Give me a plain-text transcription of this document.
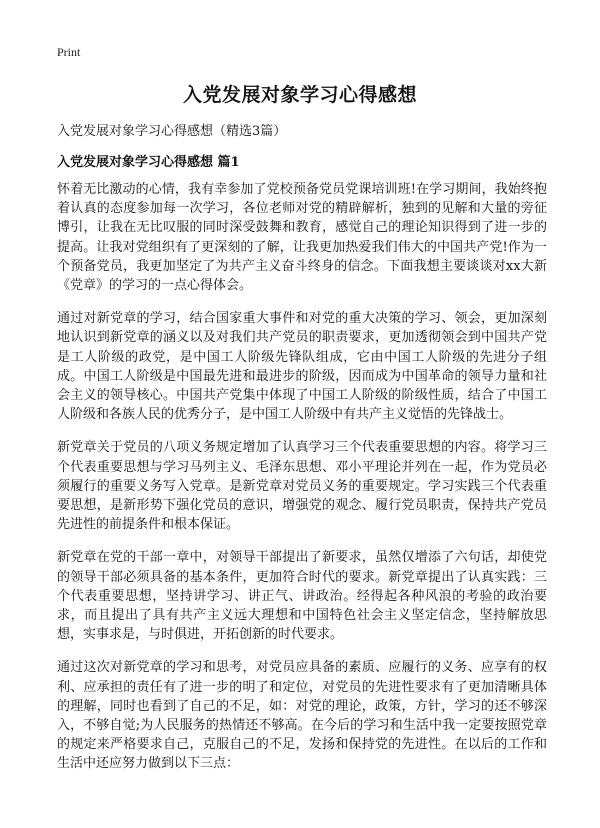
Print
入党发展对象学习心得感想
入党发展对象学习心得感想（精选3篇）
入党发展对象学习心得感想 篇1

怀着无比激动的心情，我有幸参加了党校预备党员党课培训班!在学习期间，我始终抱着认真的态度参加每一次学习，各位老师对党的精辟解析，独到的见解和大量的旁征博引，让我在无比叹服的同时深受鼓舞和教育，感觉自己的理论知识得到了进一步的提高。让我对党组织有了更深刻的了解，让我更加热爱我们伟大的中国共产党!作为一个预备党员，我更加坚定了为共产主义奋斗终身的信念。下面我想主要谈谈对xx大新《党章》的学习的一点心得体会。

通过对新党章的学习，结合国家重大事件和对党的重大决策的学习、领会，更加深刻地认识到新党章的涵义以及对我们共产党员的职责要求，更加透彻领会到中国共产党是工人阶级的政党，是中国工人阶级先锋队组成，它由中国工人阶级的先进分子组成。中国工人阶级是中国最先进和最进步的阶级，因而成为中国革命的领导力量和社会主义的领导核心。中国共产党集中体现了中国工人阶级的阶级性质，结合了中国工人阶级和各族人民的优秀分子，是中国工人阶级中有共产主义觉悟的先锋战士。

新党章关于党员的八项义务规定增加了认真学习三个代表重要思想的内容。将学习三个代表重要思想与学习马列主义、毛泽东思想、邓小平理论并列在一起，作为党员必须履行的重要义务写入党章。是新党章对党员义务的重要规定。学习实践三个代表重要思想，是新形势下强化党员的意识，增强党的观念、履行党员职责，保持共产党员先进性的前提条件和根本保证。

新党章在党的干部一章中，对领导干部提出了新要求，虽然仅增添了六句话，却使党的领导干部必须具备的基本条件，更加符合时代的要求。新党章提出了认真实践：三个代表重要思想，坚持讲学习、讲正气、讲政治。经得起各种风浪的考验的政治要求，而且提出了具有共产主义远大理想和中国特色社会主义坚定信念，坚持解放思想，实事求是，与时俱进，开拓创新的时代要求。

通过这次对新党章的学习和思考，对党员应具备的素质、应履行的义务、应享有的权利、应承担的责任有了进一步的明了和定位，对党员的先进性要求有了更加清晰具体的理解，同时也看到了自己的不足，如：对党的理论，政策，方针，学习的还不够深入，不够自觉;为人民服务的热情还不够高。在今后的学习和生活中我一定要按照党章的规定来严格要求自己，克服自己的不足，发扬和保持党的先进性。在以后的工作和生活中还应努力做到以下三点：
